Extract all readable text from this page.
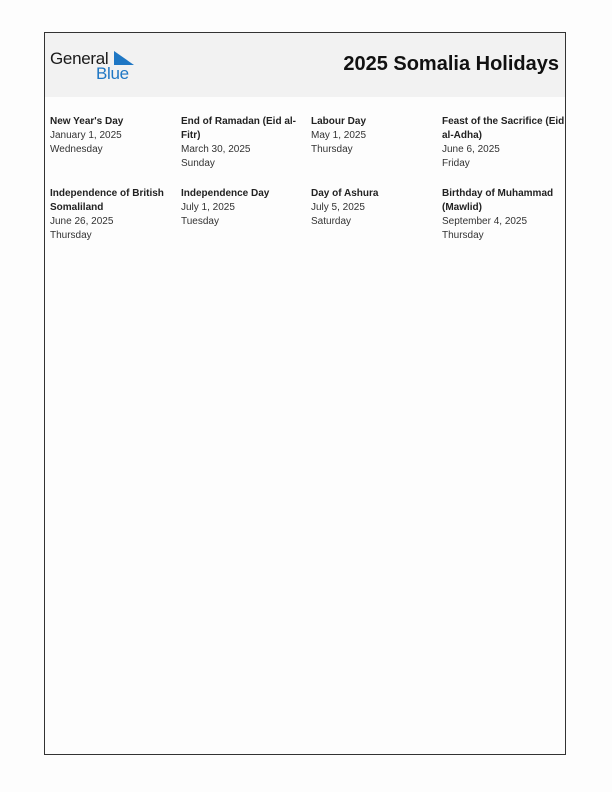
General
Blue	2025 Somalia Holidays
New Year's Day
January 1, 2025
Wednesday
End of Ramadan (Eid al-Fitr)
March 30, 2025
Sunday
Labour Day
May 1, 2025
Thursday
Feast of the Sacrifice (Eid al-Adha)
June 6, 2025
Friday
Independence of British Somaliland
June 26, 2025
Thursday
Independence Day
July 1, 2025
Tuesday
Day of Ashura
July 5, 2025
Saturday
Birthday of Muhammad (Mawlid)
September 4, 2025
Thursday
